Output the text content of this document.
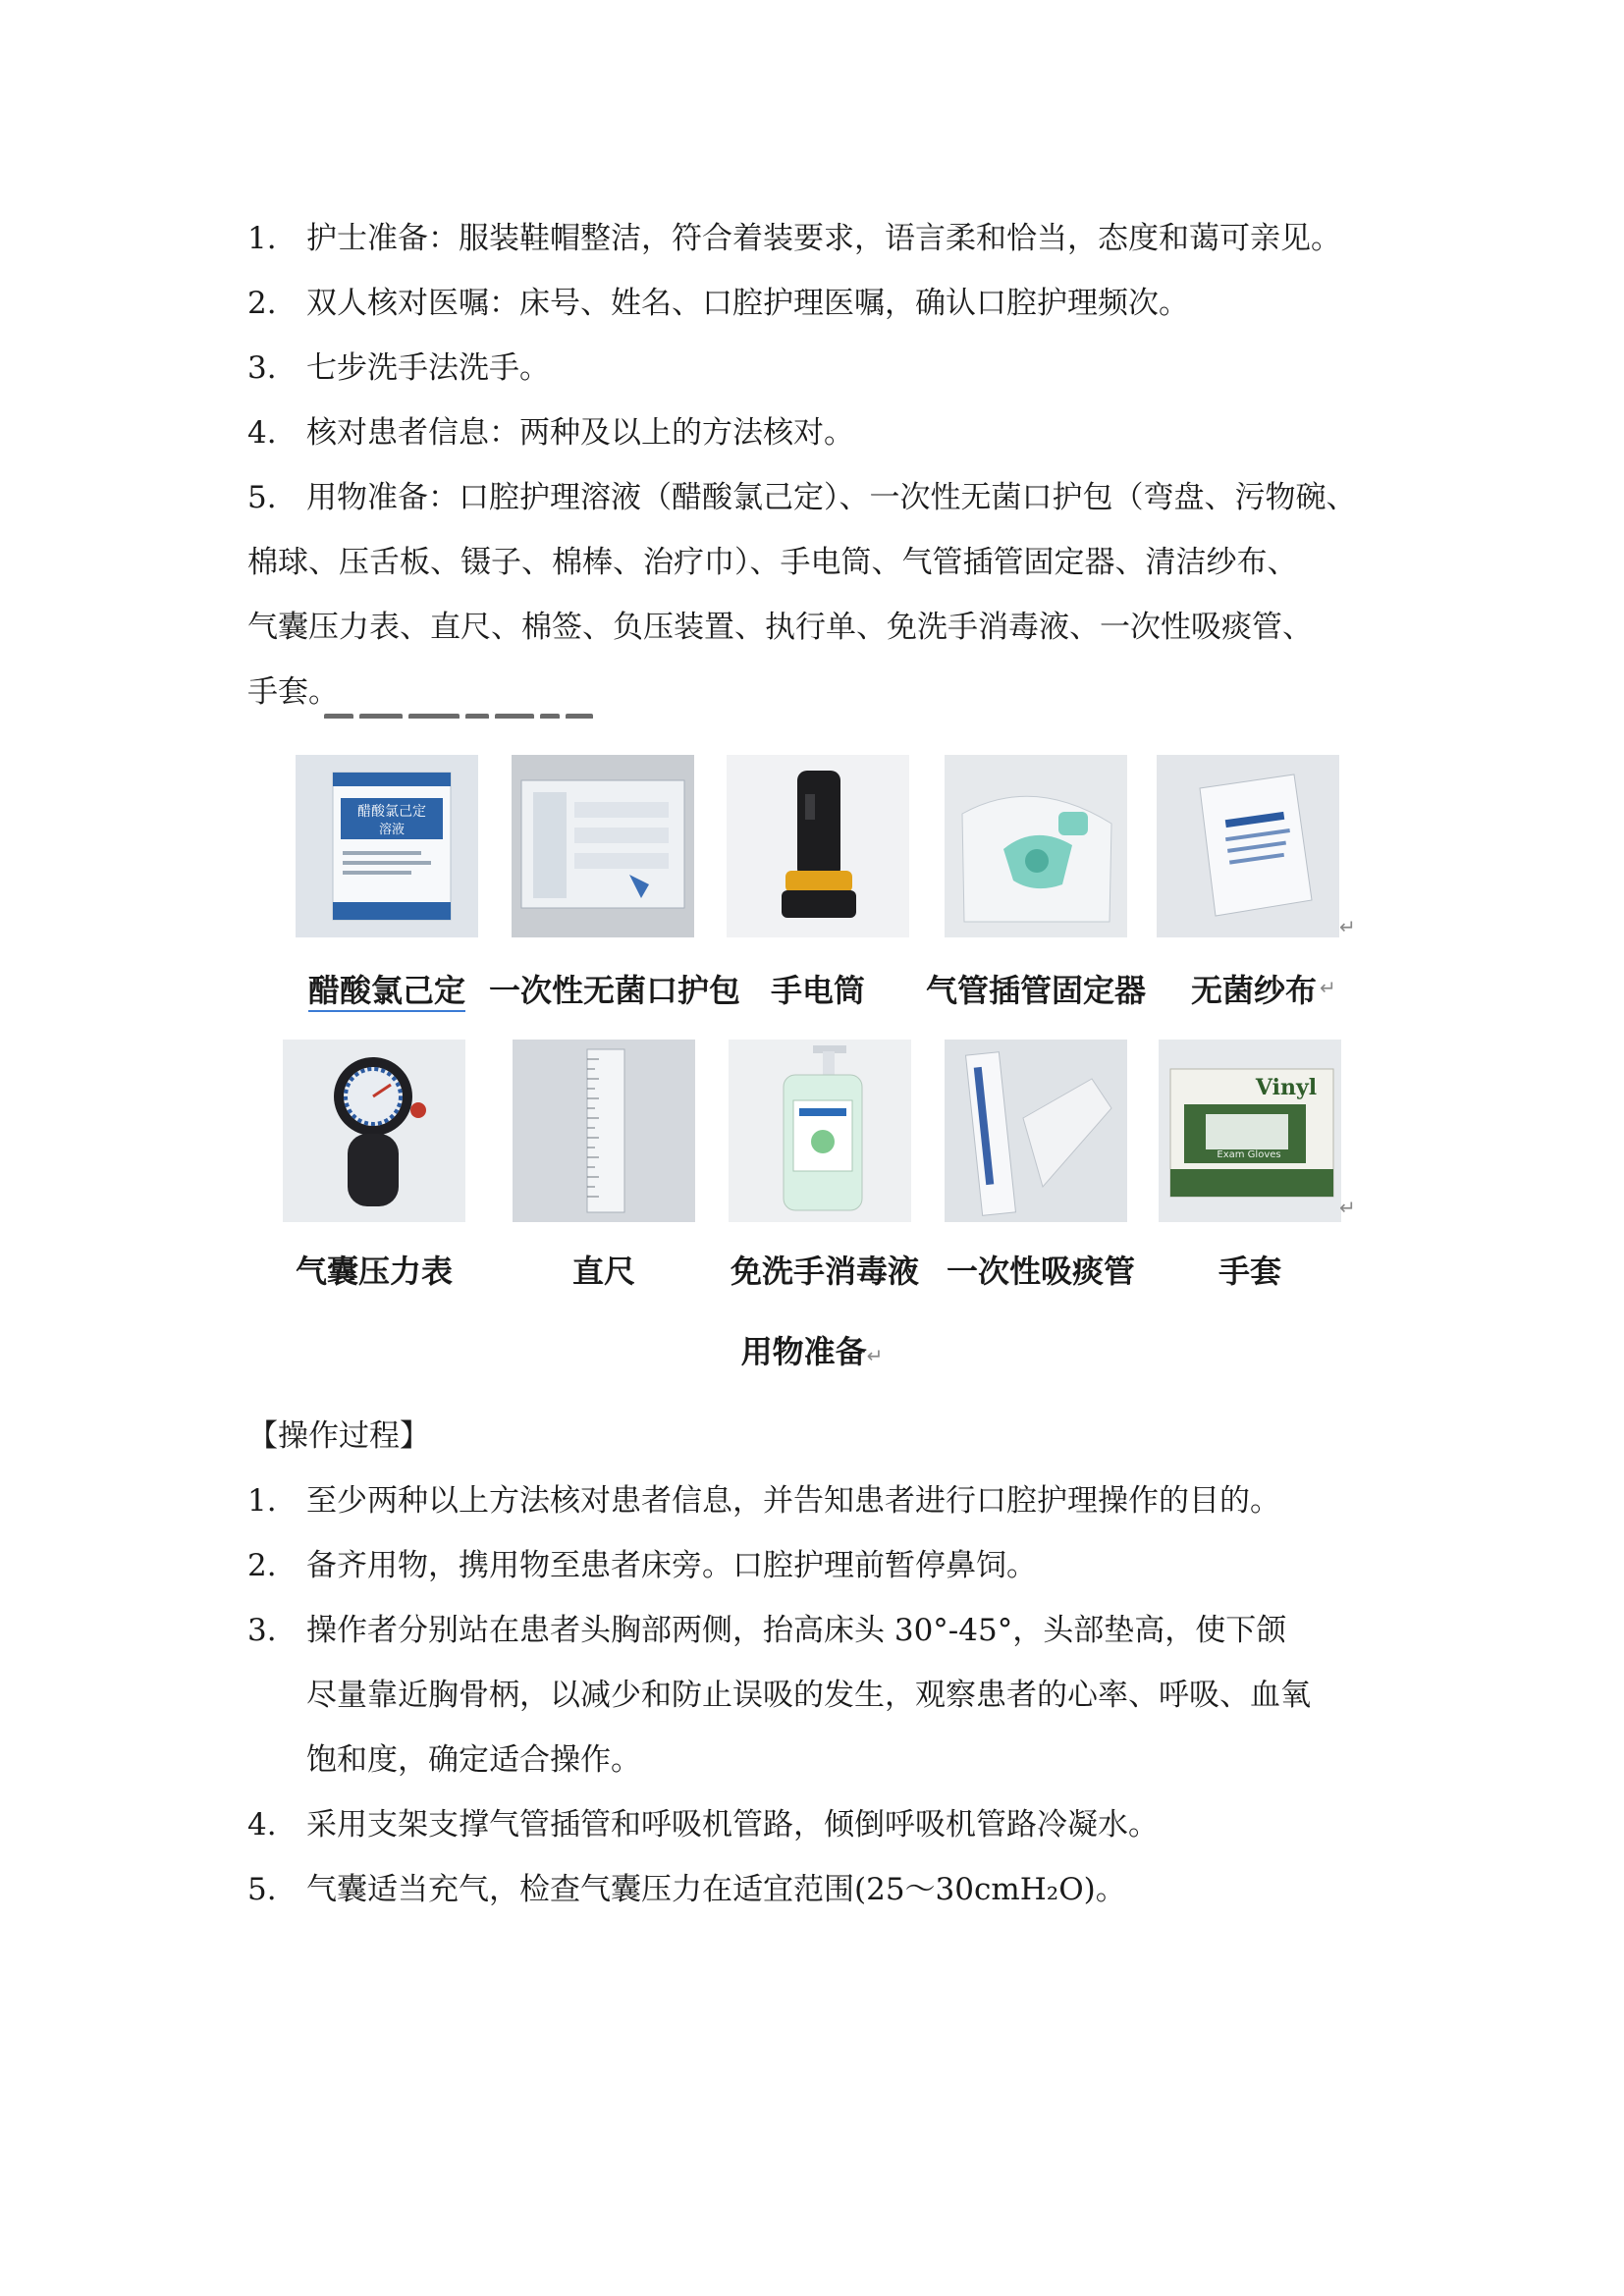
1. 护士准备：服装鞋帽整洁，符合着装要求，语言柔和恰当，态度和蔼可亲见。
2. 双人核对医嘱：床号、姓名、口腔护理医嘱，确认口腔护理频次。
3. 七步洗手法洗手。
4. 核对患者信息：两种及以上的方法核对。
5. 用物准备：口腔护理溶液（醋酸氯己定）、一次性无菌口护包（弯盘、污物碗、
棉球、压舌板、镊子、棉棒、治疗巾）、手电筒、气管插管固定器、清洁纱布、
气囊压力表、直尺、棉签、负压装置、执行单、免洗手消毒液、一次性吸痰管、
手套。
醋酸氯己定
溶液
↵
醋酸氯己定 一次性无菌口护包 手电筒	气管插管固定器	无菌纱布 ↵
Vinyl
Exam Gloves
↵
气囊压力表	直尺	免洗手消毒液 一次性吸痰管	手套
用物准备↵
【操作过程】
1. 至少两种以上方法核对患者信息，并告知患者进行口腔护理操作的目的。
2. 备齐用物，携用物至患者床旁。口腔护理前暂停鼻饲。
3. 操作者分别站在患者头胸部两侧，抬高床头 30°-45°，头部垫高，使下颌
尽量靠近胸骨柄，以减少和防止误吸的发生，观察患者的心率、呼吸、血氧
饱和度，确定适合操作。
4. 采用支架支撑气管插管和呼吸机管路，倾倒呼吸机管路冷凝水。
5. 气囊适当充气，检查气囊压力在适宜范围(25～30cmH₂O)。
